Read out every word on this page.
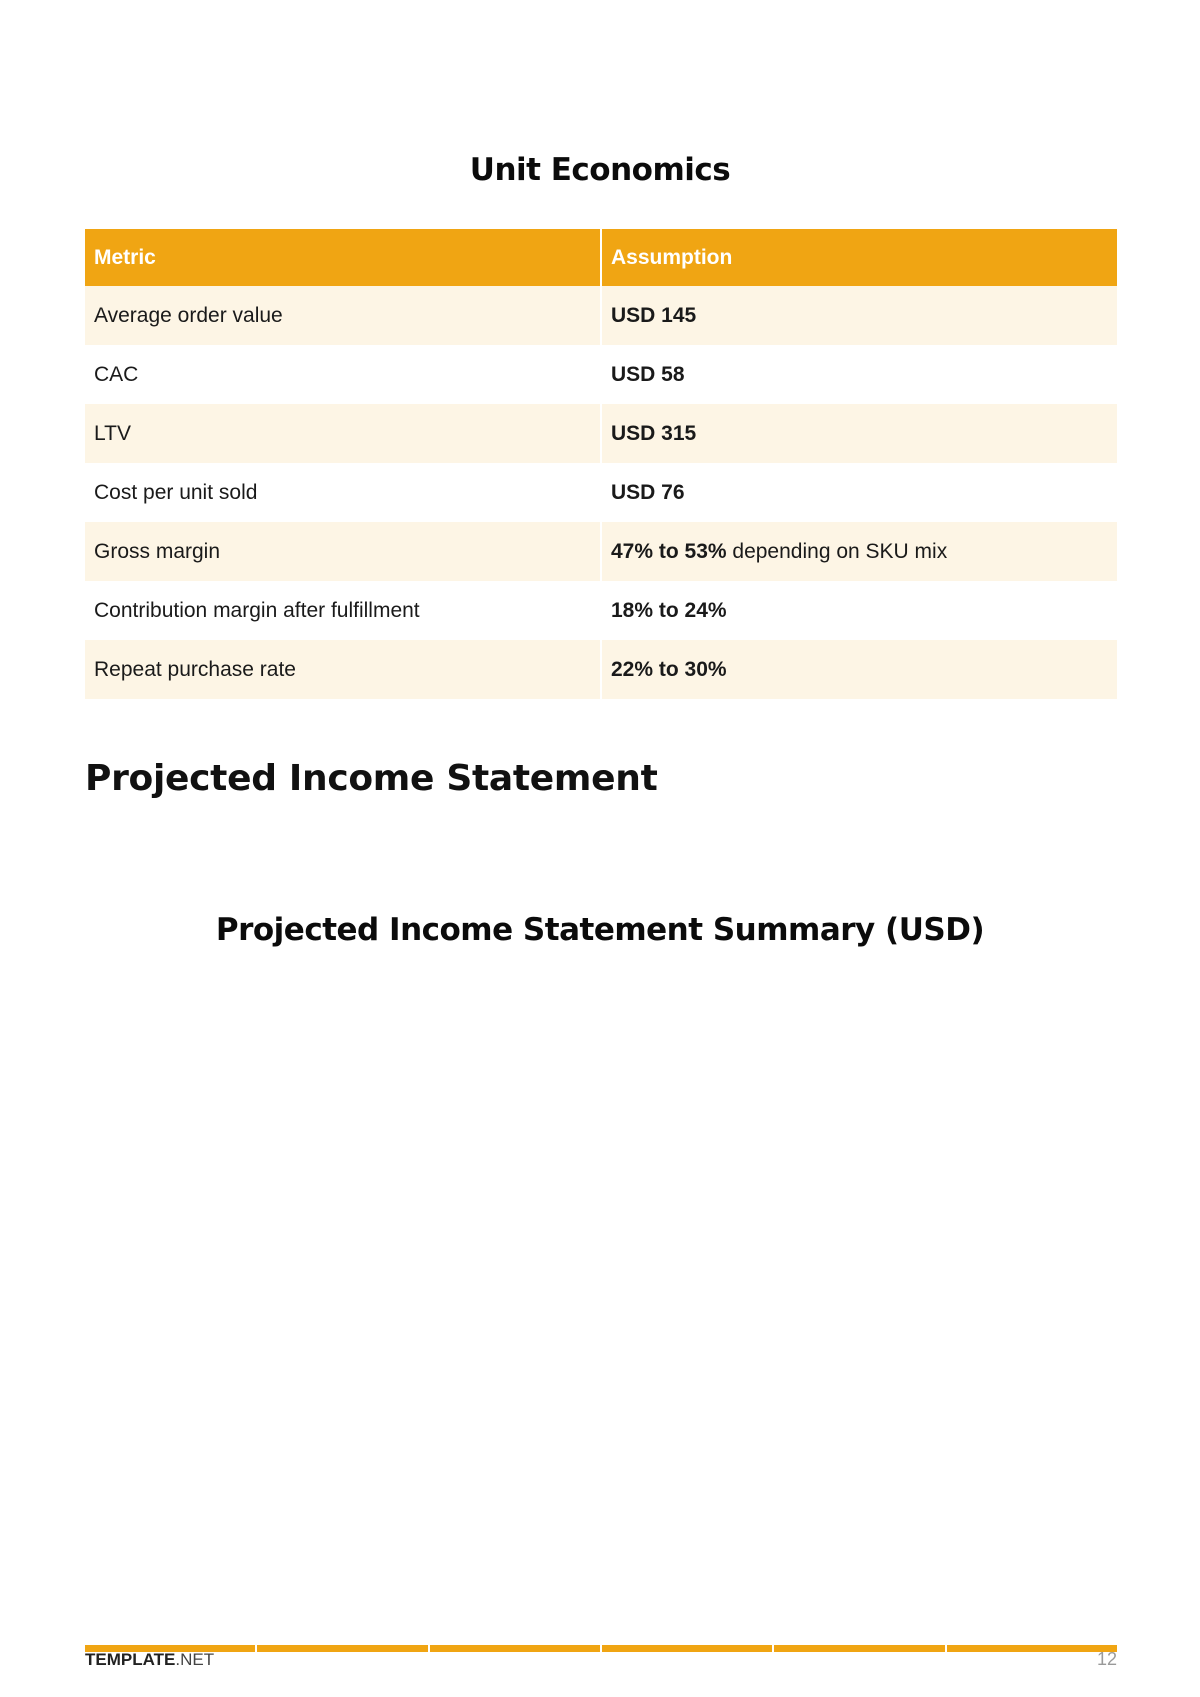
Unit Economics
Metric	Assumption
Average order value	USD 145
CAC	USD 58
LTV	USD 315
Cost per unit sold	USD 76
Gross margin	47% to 53% depending on SKU mix
Contribution margin after fulfillment	18% to 24%
Repeat purchase rate	22% to 30%
Projected Income Statement
Projected Income Statement Summary (USD)
TEMPLATE.NET	12
